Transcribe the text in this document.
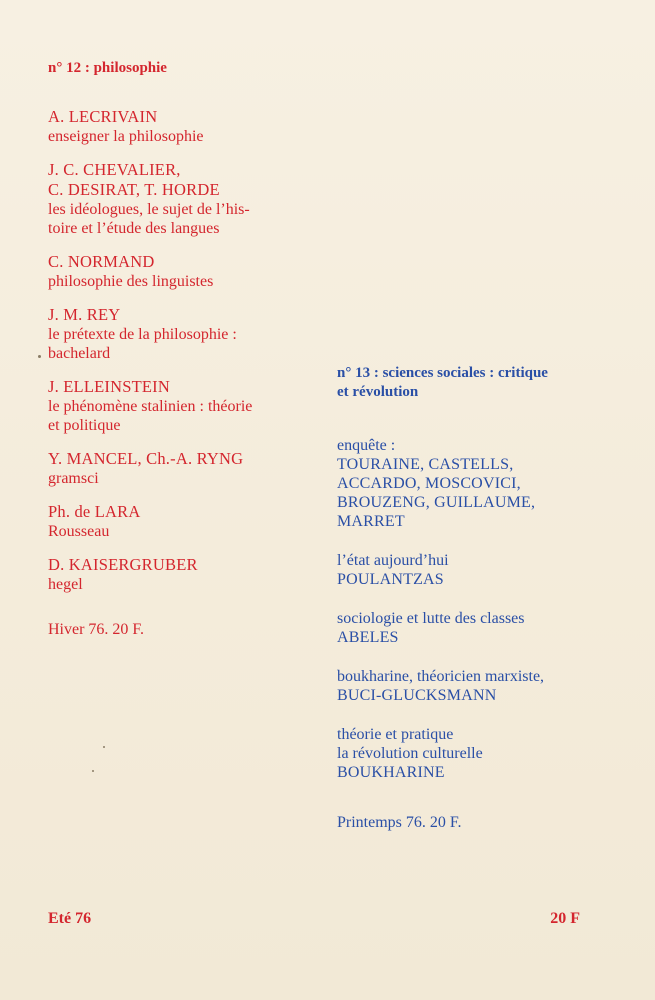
n° 12 : philosophie
A. LECRIVAIN
enseigner la philosophie
J. C. CHEVALIER,
C. DESIRAT, T. HORDE
les idéologues, le sujet de l’his-
toire et l’étude des langues
C. NORMAND
philosophie des linguistes
J. M. REY
le prétexte de la philosophie :
bachelard
J. ELLEINSTEIN
le phénomène stalinien : théorie
et politique
Y. MANCEL, Ch.-A. RYNG
gramsci
Ph. de LARA
Rousseau
D. KAISERGRUBER
hegel
Hiver 76. 20 F.
n° 13 : sciences sociales : critique
et révolution
enquête :
TOURAINE, CASTELLS,
ACCARDO, MOSCOVICI,
BROUZENG, GUILLAUME,
MARRET
l’état aujourd’hui
POULANTZAS
sociologie et lutte des classes
ABELES
boukharine, théoricien marxiste,
BUCI-GLUCKSMANN
théorie et pratique
la révolution culturelle
BOUKHARINE
Printemps 76. 20 F.
Eté 76	20 F
